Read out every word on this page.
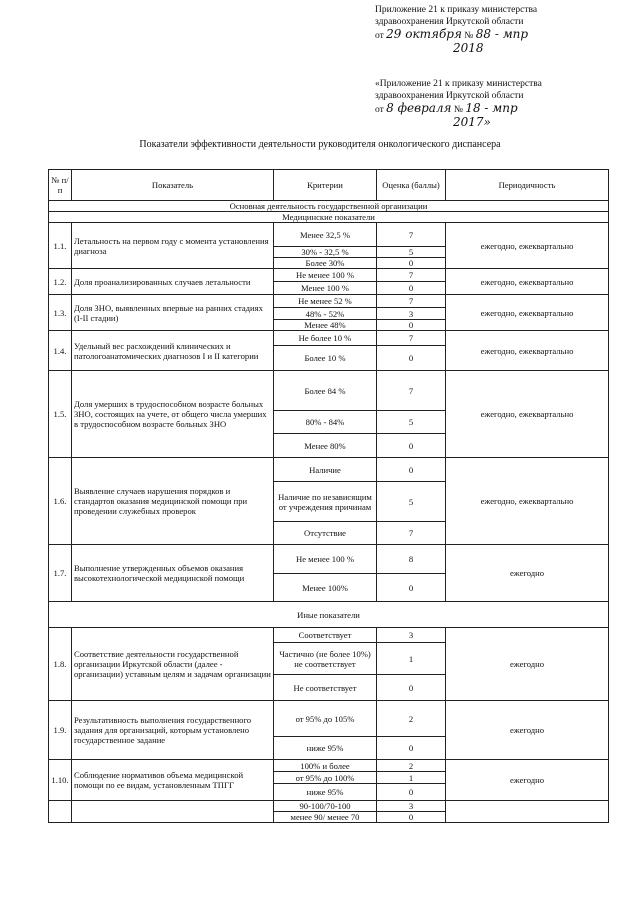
Приложение 21 к приказу министерства
здравоохранения Иркутской области
от 29 октября № 88 - мпр
2018
«Приложение 21 к приказу министерства
здравоохранения Иркутской области
от 8 февраля № 18 - мпр
2017»
Показатели эффективности деятельности руководителя онкологического диспансера
№ п/п	Показатель	Критерии	Оценка (баллы)	Периодичность
Основная деятельность государственной организации				
Медицинские показатели				
1.1.	Летальность на первом году с момента установления диагноза	Менее 32,5 %	7	ежегодно, ежеквартально
		30% - 32,5 %	5	
		Более 30%	0	
1.2.	Доля проанализированных случаев летальности	Не менее 100 %	7	ежегодно, ежеквартально
		Менее 100 %	0	
1.3.	Доля ЗНО, выявленных впервые на ранних стадиях (I-II стадии)	Не менее 52 %	7	ежегодно, ежеквартально
		48% - 52%	3	
		Менее 48%	0	
1.4.	Удельный вес расхождений клинических и патологоанатомических диагнозов I и II категории	Не более 10 %	7	ежегодно, ежеквартально
		Более 10 %	0	
1.5.	Доля умерших в трудоспособном возрасте больных ЗНО, состоящих на учете, от общего числа умерших в трудоспособном возрасте больных ЗНО	Более 84 %	7	ежегодно, ежеквартально
		80% - 84%	5	
		Менее 80%	0	
1.6.	Выявление случаев нарушения порядков и стандартов оказания медицинской помощи при проведении служебных проверок	Наличие	0	ежегодно, ежеквартально
		Наличие по независящим от учреждения причинам	5	
		Отсутствие	7	
1.7.	Выполнение утвержденных объемов оказания высокотехнологической медицинской помощи	Не менее 100 %	8	ежегодно
		Менее 100%	0	
Иные показатели				
1.8.	Соответствие деятельности государственной организации Иркутской области (далее - организации) уставным целям и задачам организации	Соответствует	3	ежегодно
		Частично (не более 10%) не соответствует	1	
		Не соответствует	0	
1.9.	Результативность выполнения государственного задания для организаций, которым установлено государственное задание	от 95% до 105%	2	ежегодно
		ниже 95%	0	
1.10.	Соблюдение нормативов объема медицинской помощи по ее видам, установленным ТПГГ	100% и более	2	ежегодно
		от 95% до 100%	1	
		ниже 95%	0	
		90-100/70-100	3	
		менее 90/ менее 70	0	
